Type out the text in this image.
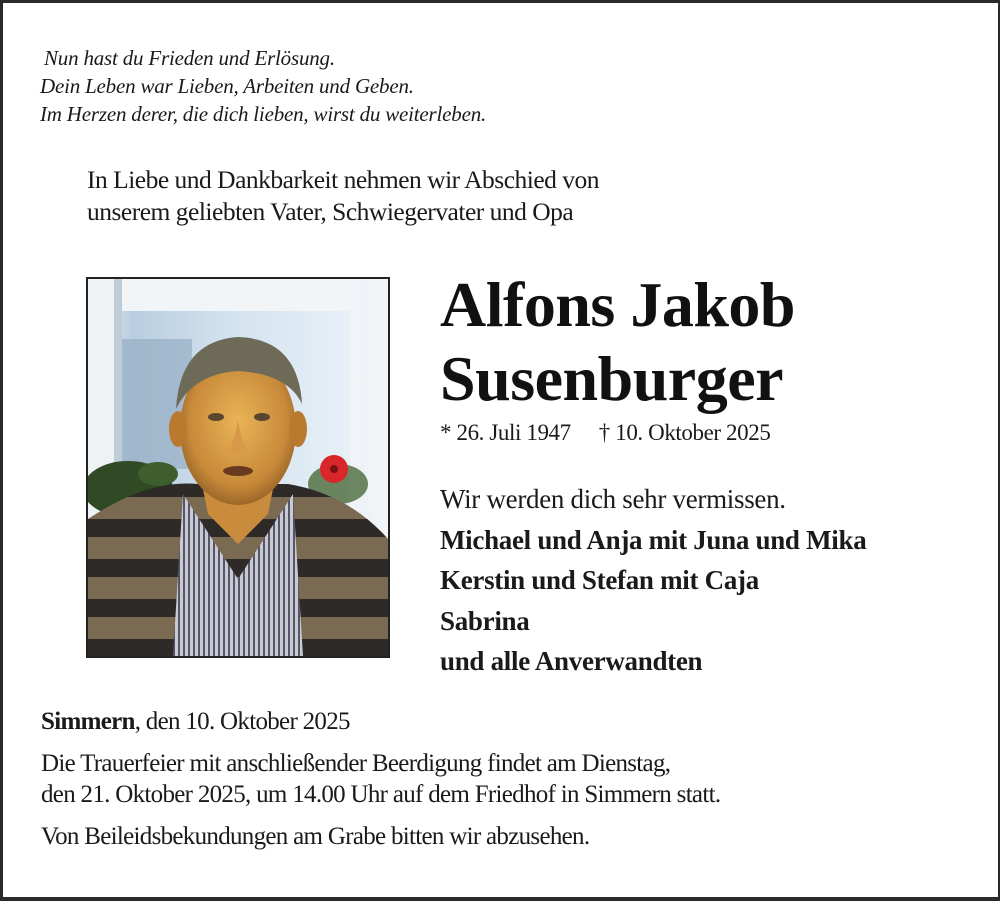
Nun hast du Frieden und Erlösung.
Dein Leben war Lieben, Arbeiten und Geben.
Im Herzen derer, die dich lieben, wirst du weiterleben.
In Liebe und Dankbarkeit nehmen wir Abschied von
unserem geliebten Vater, Schwiegervater und Opa
Alfons Jakob
Susenburger
* 26. Juli 1947 † 10. Oktober 2025
Wir werden dich sehr vermissen.
Michael und Anja mit Juna und Mika
Kerstin und Stefan mit Caja
Sabrina
und alle Anverwandten
Simmern, den 10. Oktober 2025
Die Trauerfeier mit anschließender Beerdigung findet am Dienstag,
den 21. Oktober 2025, um 14.00 Uhr auf dem Friedhof in Simmern statt.
Von Beileidsbekundungen am Grabe bitten wir abzusehen.
